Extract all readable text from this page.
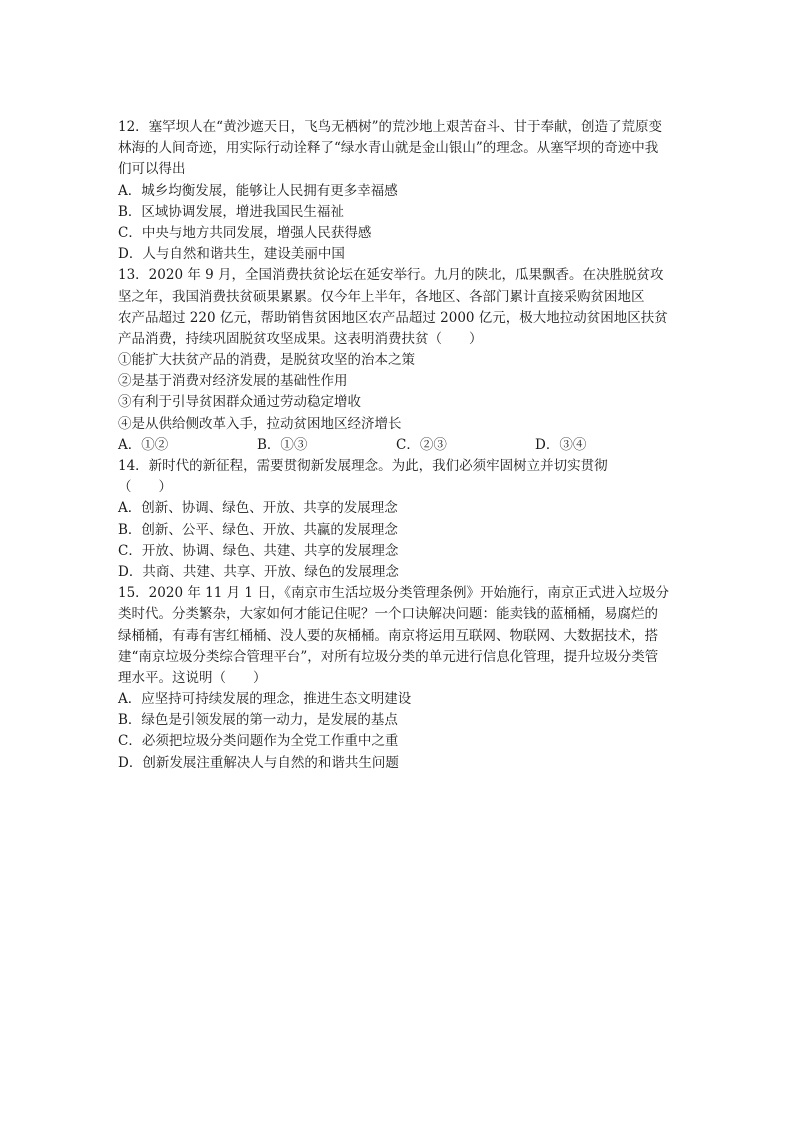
12．塞罕坝人在“黄沙遮天日，飞鸟无栖树”的荒沙地上艰苦奋斗、甘于奉献，创造了荒原变
林海的人间奇迹，用实际行动诠释了“绿水青山就是金山银山”的理念。从塞罕坝的奇迹中我
们可以得出
A．城乡均衡发展，能够让人民拥有更多幸福感
B．区域协调发展，增进我国民生福祉
C．中央与地方共同发展，增强人民获得感
D．人与自然和谐共生，建设美丽中国
13．2020 年 9 月，全国消费扶贫论坛在延安举行。九月的陕北，瓜果飘香。在决胜脱贫攻
坚之年，我国消费扶贫硕果累累。仅今年上半年，各地区、各部门累计直接采购贫困地区
农产品超过 220 亿元，帮助销售贫困地区农产品超过 2000 亿元，极大地拉动贫困地区扶贫
产品消费，持续巩固脱贫攻坚成果。这表明消费扶贫（　　）
①能扩大扶贫产品的消费，是脱贫攻坚的治本之策
②是基于消费对经济发展的基础性作用
③有利于引导贫困群众通过劳动稳定增收
④是从供给侧改革入手，拉动贫困地区经济增长
A．①②	B．①③	C．②③	D．③④
14．新时代的新征程，需要贯彻新发展理念。为此，我们必须牢固树立并切实贯彻
（　　）
A．创新、协调、绿色、开放、共享的发展理念
B．创新、公平、绿色、开放、共赢的发展理念
C．开放、协调、绿色、共建、共享的发展理念
D．共商、共建、共享、开放、绿色的发展理念
15．2020 年 11 月 1 日，《南京市生活垃圾分类管理条例》开始施行，南京正式进入垃圾分
类时代。分类繁杂，大家如何才能记住呢？一个口诀解决问题：能卖钱的蓝桶桶，易腐烂的
绿桶桶，有毒有害红桶桶、没人要的灰桶桶。南京将运用互联网、物联网、大数据技术，搭
建“南京垃圾分类综合管理平台”，对所有垃圾分类的单元进行信息化管理，提升垃圾分类管
理水平。这说明（　　）
A．应坚持可持续发展的理念，推进生态文明建设
B．绿色是引领发展的第一动力，是发展的基点
C．必须把垃圾分类问题作为全党工作重中之重
D．创新发展注重解决人与自然的和谐共生问题
